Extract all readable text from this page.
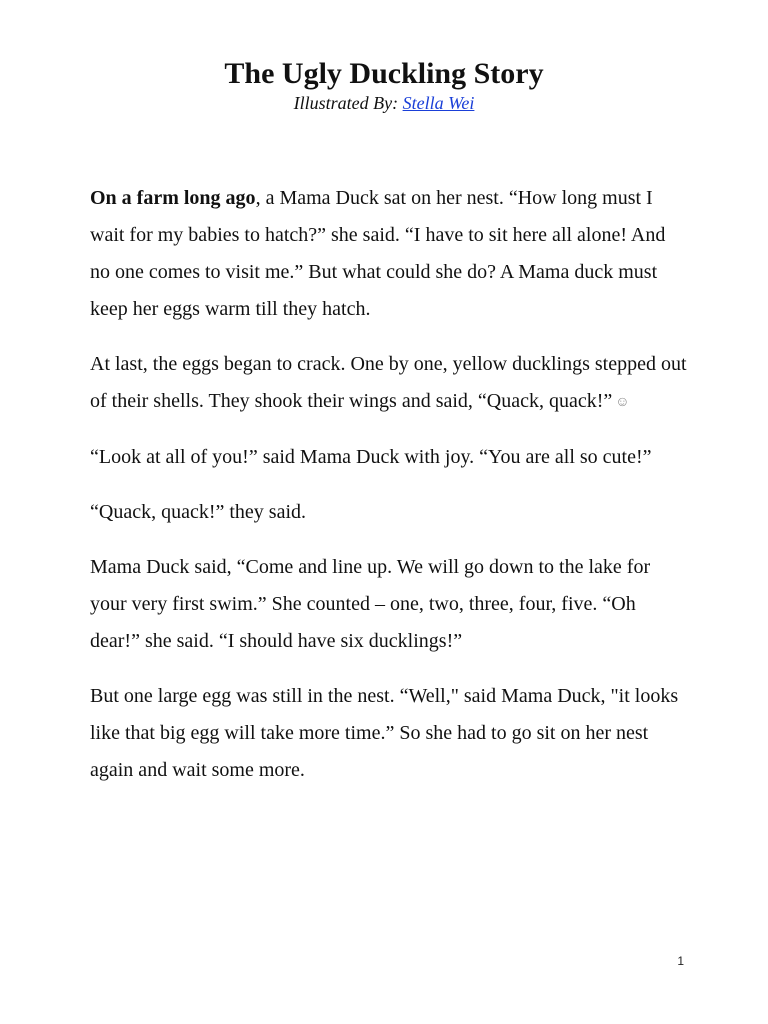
The Ugly Duckling Story
Illustrated By: Stella Wei

On a farm long ago, a Mama Duck sat on her nest. “How long must I wait for my babies to hatch?” she said. “I have to sit here all alone! And no one comes to visit me.” But what could she do? A Mama duck must keep her eggs warm till they hatch.

At last, the eggs began to crack. One by one, yellow ducklings stepped out of their shells. They shook their wings and said, “Quack, quack!” ☺

“Look at all of you!” said Mama Duck with joy. “You are all so cute!”

“Quack, quack!” they said.

Mama Duck said, “Come and line up. We will go down to the lake for your very first swim.” She counted – one, two, three, four, five. “Oh dear!” she said. “I should have six ducklings!”

But one large egg was still in the nest. “Well," said Mama Duck, "it looks like that big egg will take more time.” So she had to go sit on her nest again and wait some more.

1
